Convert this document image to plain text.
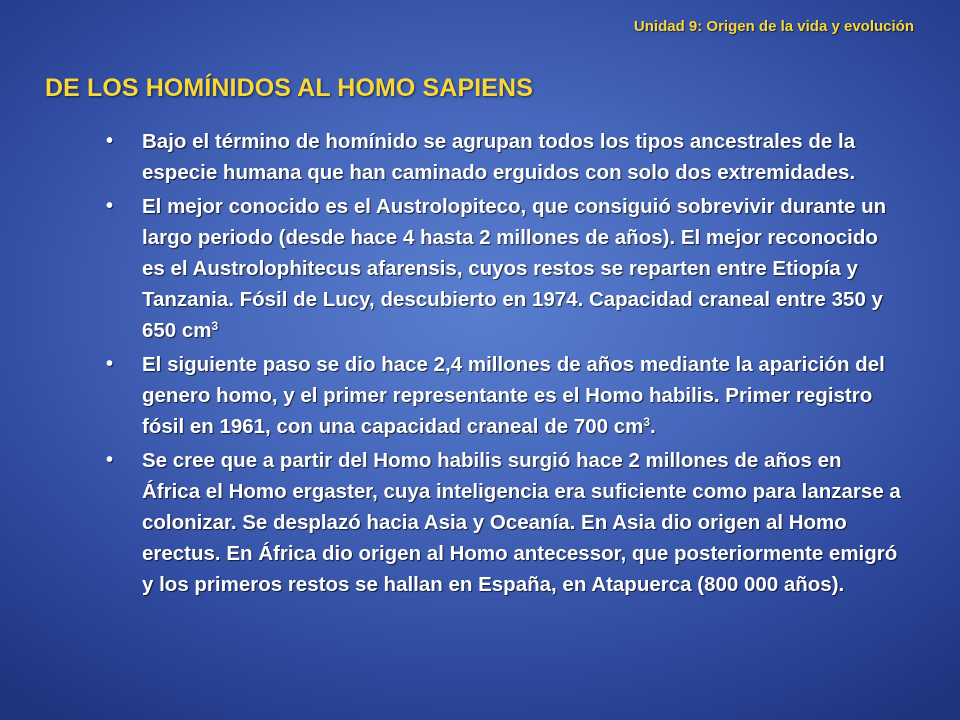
Unidad 9: Origen de la vida y evolución
DE LOS HOMÍNIDOS AL HOMO SAPIENS
• Bajo el término de homínido se agrupan todos los tipos ancestrales de la especie humana que han caminado erguidos con solo dos extremidades.
• El mejor conocido es el Austrolopiteco, que consiguió sobrevivir durante un largo periodo (desde hace 4 hasta 2 millones de años). El mejor reconocido es el Austrolophitecus afarensis, cuyos restos se reparten entre Etiopía y Tanzania. Fósil de Lucy, descubierto en 1974. Capacidad craneal entre 350 y 650 $cm^3$
• El siguiente paso se dio hace 2,4 millones de años mediante la aparición del genero homo, y el primer representante es el Homo habilis. Primer registro fósil en 1961, con una capacidad craneal de 700 $cm^3$.
• Se cree que a partir del Homo habilis surgió hace 2 millones de años en África el Homo ergaster, cuya inteligencia era suficiente como para lanzarse a colonizar. Se desplazó hacia Asia y Oceanía. En Asia dio origen al Homo erectus. En África dio origen al Homo antecessor, que posteriormente emigró y los primeros restos se hallan en España, en Atapuerca (800 000 años).
